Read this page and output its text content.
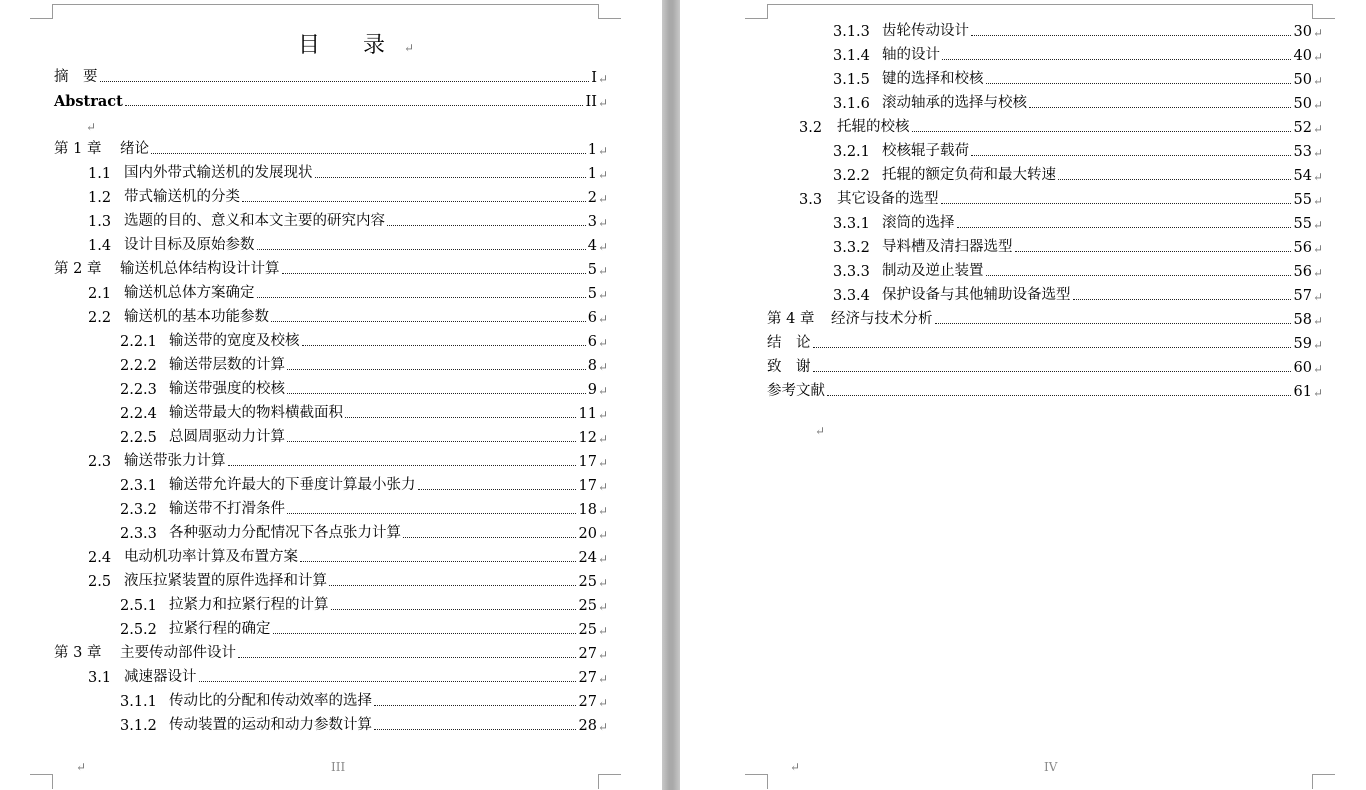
目 录↵
摘　要	I ↵
Abstract	II ↵
第 1 章	绪论	1 ↵
1.1 国内外带式输送机的发展现状	1 ↵
1.2 带式输送机的分类	2 ↵
1.3 选题的目的、意义和本文主要的研究内容	3 ↵
1.4 设计目标及原始参数	4 ↵
第 2 章	输送机总体结构设计计算	5 ↵
2.1 输送机总体方案确定	5 ↵
2.2 输送机的基本功能参数	6 ↵
2.2.1 输送带的宽度及校核	6 ↵
2.2.2 输送带层数的计算	8 ↵
2.2.3 输送带强度的校核	9 ↵
2.2.4 输送带最大的物料横截面积	11 ↵
2.2.5 总圆周驱动力计算	12 ↵
2.3 输送带张力计算	17 ↵
2.3.1 输送带允许最大的下垂度计算最小张力	17 ↵
2.3.2 输送带不打滑条件	18 ↵
2.3.3 各种驱动力分配情况下各点张力计算	20 ↵
2.4 电动机功率计算及布置方案	24 ↵
2.5 液压拉紧装置的原件选择和计算	25 ↵
2.5.1 拉紧力和拉紧行程的计算	25 ↵
2.5.2 拉紧行程的确定	25 ↵
第 3 章	主要传动部件设计	27 ↵
3.1 减速器设计	27 ↵
3.1.1 传动比的分配和传动效率的选择	27 ↵
3.1.2 传动装置的运动和动力参数计算	28 ↵
↵
↵	III
3.1.3 齿轮传动设计	30 ↵
3.1.4 轴的设计	40 ↵
3.1.5 键的选择和校核	50 ↵
3.1.6 滚动轴承的选择与校核	50 ↵
3.2	托辊的校核	52 ↵
3.2.1 校核辊子载荷	53 ↵
3.2.2 托辊的额定负荷和最大转速	54 ↵
3.3	其它设备的选型	55 ↵
3.3.1 滚筒的选择	55 ↵
3.3.2 导料槽及清扫器选型	56 ↵
3.3.3 制动及逆止装置	56 ↵
3.3.4 保护设备与其他辅助设备选型	57 ↵
第 4 章	经济与技术分析	58 ↵
结　论	59 ↵
致　谢	60 ↵
参考文献	61 ↵
↵
↵	IV
